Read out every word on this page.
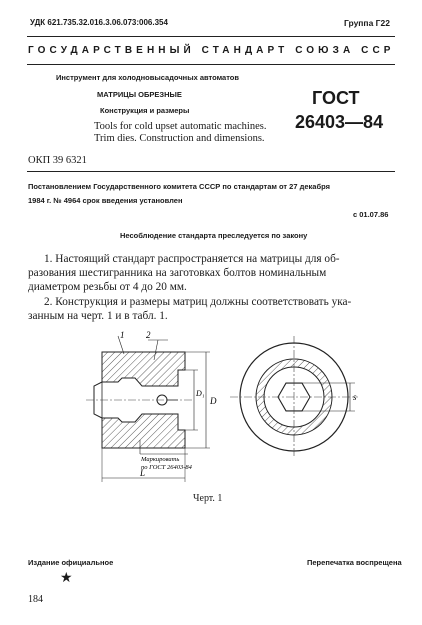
УДК 621.735.32.016.3.06.073:006.354	Группа Г22
ГОСУДАРСТВЕННЫЙ СТАНДАРТ СОЮЗА ССР
Инструмент для холодновысадочных автоматов
МАТРИЦЫ ОБРЕЗНЫЕ
Конструкция и размеры
Tools for cold upset automatic machines.
Trim dies. Construction and dimensions.
ГОСТ
26403—84
ОКП 39 6321
Постановлением Государственного комитета СССР по стандартам от 27 декабря
1984 г. № 4964 срок введения установлен
с 01.07.86
Несоблюдение стандарта преследуется по закону
1. Настоящий стандарт распространяется на матрицы для об-
разования шестигранника на заготовках болтов номинальным
диаметром резьбы от 4 до 20 мм.
2. Конструкция и размеры матриц должны соответствовать ука-
занным на черт. 1 и в табл. 1.
1 2
D
D₁
L
Маркировать
по ГОСТ 26403-84
s
Черт. 1
Издание официальное	Перепечатка воспрещена
★
184
